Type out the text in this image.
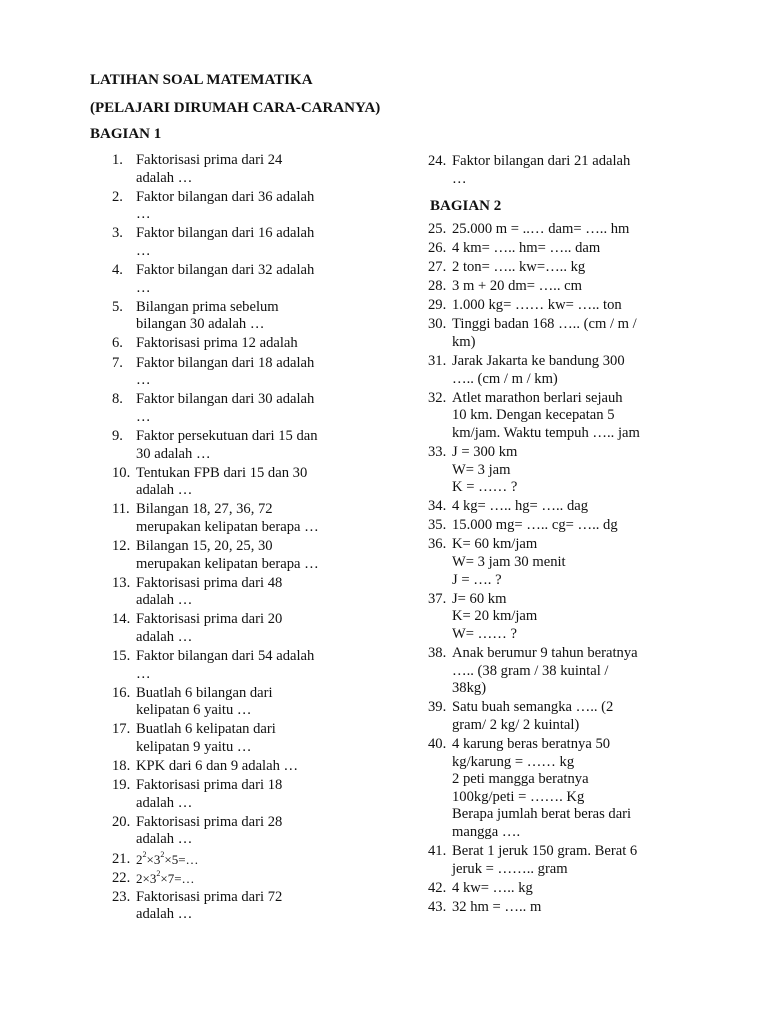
LATIHAN SOAL MATEMATIKA
(PELAJARI DIRUMAH CARA-CARANYA)
BAGIAN 1
1. Faktorisasi prima dari 24
adalah …
2. Faktor bilangan dari 36 adalah
…
3. Faktor bilangan dari 16 adalah
…
4. Faktor bilangan dari 32 adalah
…
5. Bilangan prima sebelum
bilangan 30 adalah …
6. Faktorisasi prima 12 adalah
7. Faktor bilangan dari 18 adalah
…
8. Faktor bilangan dari 30 adalah
…
9. Faktor persekutuan dari 15 dan
30 adalah …
10. Tentukan FPB dari 15 dan 30
adalah …
11. Bilangan 18, 27, 36, 72
merupakan kelipatan berapa …
12. Bilangan 15, 20, 25, 30
merupakan kelipatan berapa …
13. Faktorisasi prima dari 48
adalah …
14. Faktorisasi prima dari 20
adalah …
15. Faktor bilangan dari 54 adalah
…
16. Buatlah 6 bilangan dari
kelipatan 6 yaitu …
17. Buatlah 6 kelipatan dari
kelipatan 9 yaitu …
18. KPK dari 6 dan 9 adalah …
19. Faktorisasi prima dari 18
adalah …
20. Faktorisasi prima dari 28
adalah …
21. $2^2\times 3^2\times 5=\dots$
22. $2\times 3^2\times 7=\dots$
23. Faktorisasi prima dari 72
adalah …
24. Faktor bilangan dari 21 adalah
…
BAGIAN 2
25. 25.000 m = ..… dam= ….. hm
26. 4 km= ….. hm= ….. dam
27. 2 ton= ….. kw=….. kg
28. 3 m + 20 dm= ….. cm
29. 1.000 kg= …… kw= ….. ton
30. Tinggi badan 168 ….. (cm / m /
km)
31. Jarak Jakarta ke bandung 300
….. (cm / m / km)
32. Atlet marathon berlari sejauh
10 km. Dengan kecepatan 5
km/jam. Waktu tempuh ….. jam
33. J = 300 km
W= 3 jam
K = …… ?
34. 4 kg= ….. hg= ….. dag
35. 15.000 mg= ….. cg= ….. dg
36. K= 60 km/jam
W= 3 jam 30 menit
J = …. ?
37. J= 60 km
K= 20 km/jam
W= …… ?
38. Anak berumur 9 tahun beratnya
….. (38 gram / 38 kuintal /
38kg)
39. Satu buah semangka ….. (2
gram/ 2 kg/ 2 kuintal)
40. 4 karung beras beratnya 50
kg/karung = …… kg
2 peti mangga beratnya
100kg/peti = ……. Kg
Berapa jumlah berat beras dari
mangga ….
41. Berat 1 jeruk 150 gram. Berat 6
jeruk = …….. gram
42. 4 kw= ….. kg
43. 32 hm = ….. m
